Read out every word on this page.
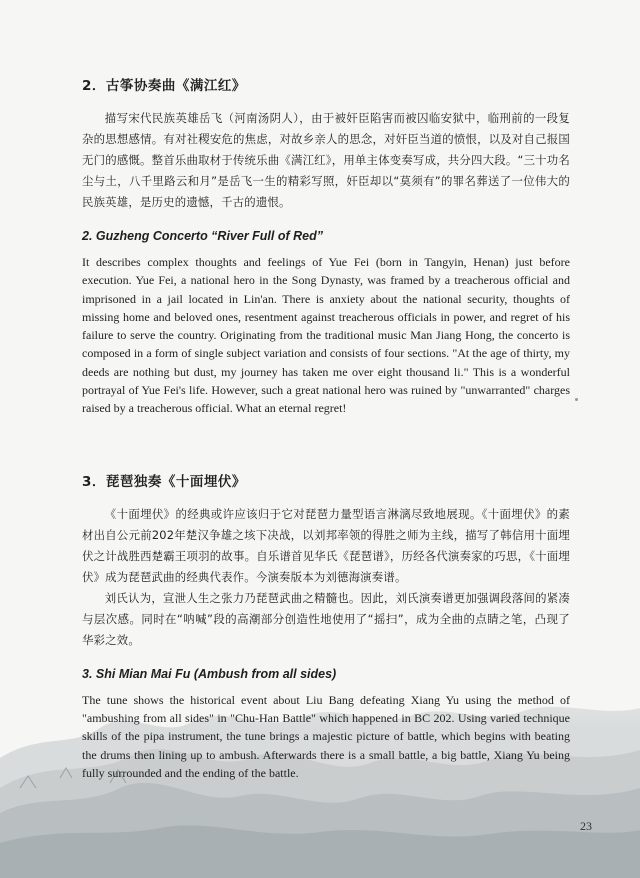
2．古筝协奏曲《满江红》

描写宋代民族英雄岳飞（河南汤阴人），由于被奸臣陷害而被囚临安狱中，临刑前的一段复杂的思想感情。有对社稷安危的焦虑，对故乡亲人的思念，对奸臣当道的愤恨，以及对自己报国无门的感慨。整首乐曲取材于传统乐曲《满江红》，用单主体变奏写成，共分四大段。“三十功名尘与土，八千里路云和月”是岳飞一生的精彩写照，奸臣却以“莫须有”的罪名葬送了一位伟大的民族英雄，是历史的遗憾，千古的遗恨。

2. Guzheng Concerto “River Full of Red”

It describes complex thoughts and feelings of Yue Fei (born in Tangyin, Henan) just before execution. Yue Fei, a national hero in the Song Dynasty, was framed by a treacherous official and imprisoned in a jail located in Lin'an. There is anxiety about the national security, thoughts of missing home and beloved ones, resentment against treacherous officials in power, and regret of his failure to serve the country. Originating from the traditional music Man Jiang Hong, the concerto is composed in a form of single subject variation and consists of four sections. "At the age of thirty, my deeds are nothing but dust, my journey has taken me over eight thousand li." This is a wonderful portrayal of Yue Fei's life. However, such a great national hero was ruined by "unwarranted" charges raised by a treacherous official. What an eternal regret!

3．琵琶独奏《十面埋伏》

《十面埋伏》的经典或许应该归于它对琵琶力量型语言淋漓尽致地展现。《十面埋伏》的素材出自公元前202年楚汉争雄之垓下决战，以刘邦率领的得胜之师为主线，描写了韩信用十面埋伏之计战胜西楚霸王项羽的故事。自乐谱首见华氏《琵琶谱》，历经各代演奏家的巧思，《十面埋伏》成为琵琶武曲的经典代表作。今演奏版本为刘德海演奏谱。

刘氏认为，宣泄人生之张力乃琵琶武曲之精髓也。因此，刘氏演奏谱更加强调段落间的紧凑与层次感。同时在“呐喊”段的高潮部分创造性地使用了“摇扫”，成为全曲的点睛之笔，凸现了华彩之效。

3. Shi Mian Mai Fu (Ambush from all sides)

The tune shows the historical event about Liu Bang defeating Xiang Yu using the method of "ambushing from all sides" in "Chu-Han Battle" which happened in BC 202. Using varied technique skills of the pipa instrument, the tune brings a majestic picture of battle, which begins with beating the drums then lining up to ambush. Afterwards there is a small battle, a big battle, Xiang Yu being fully surrounded and the ending of the battle.

23
